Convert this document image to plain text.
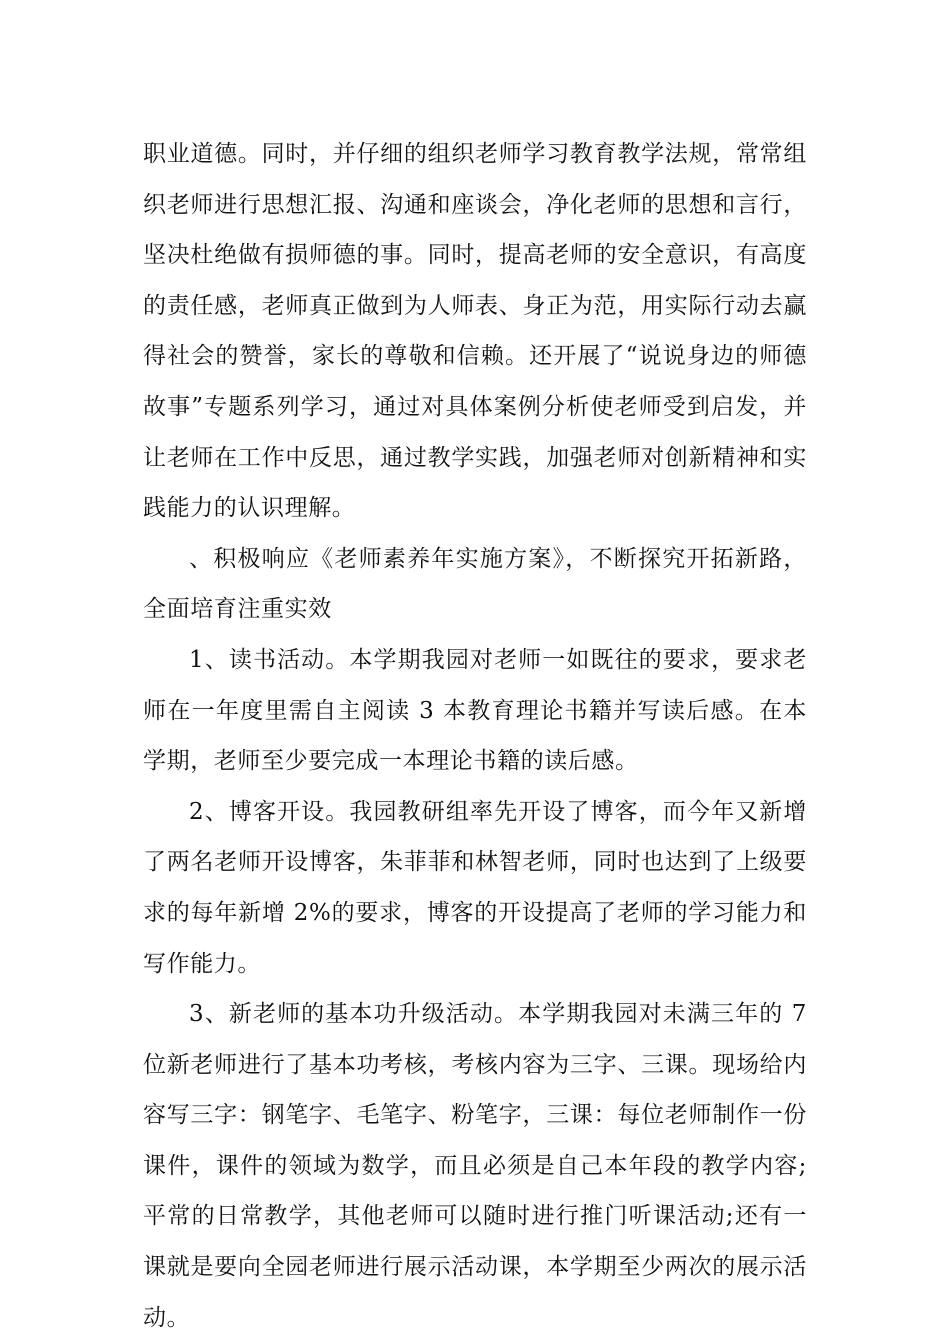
职业道德。同时，并仔细的组织老师学习教育教学法规，常常组织老师进行思想汇报、沟通和座谈会，净化老师的思想和言行，坚决杜绝做有损师德的事。同时，提高老师的安全意识，有高度的责任感，老师真正做到为人师表、身正为范，用实际行动去赢得社会的赞誉，家长的尊敬和信赖。还开展了“说说身边的师德故事”专题系列学习，通过对具体案例分析使老师受到启发，并让老师在工作中反思，通过教学实践，加强老师对创新精神和实践能力的认识理解。

、积极响应《老师素养年实施方案》，不断探究开拓新路，全面培育注重实效

1、读书活动。本学期我园对老师一如既往的要求，要求老师在一年度里需自主阅读 3 本教育理论书籍并写读后感。在本学期，老师至少要完成一本理论书籍的读后感。

2、博客开设。我园教研组率先开设了博客，而今年又新增了两名老师开设博客，朱菲菲和林智老师，同时也达到了上级要求的每年新增 2%的要求，博客的开设提高了老师的学习能力和写作能力。

3、新老师的基本功升级活动。本学期我园对未满三年的 7 位新老师进行了基本功考核，考核内容为三字、三课。现场给内容写三字：钢笔字、毛笔字、粉笔字，三课：每位老师制作一份课件，课件的领域为数学，而且必须是自己本年段的教学内容;平常的日常教学，其他老师可以随时进行推门听课活动;还有一课就是要向全园老师进行展示活动课，本学期至少两次的展示活动。
